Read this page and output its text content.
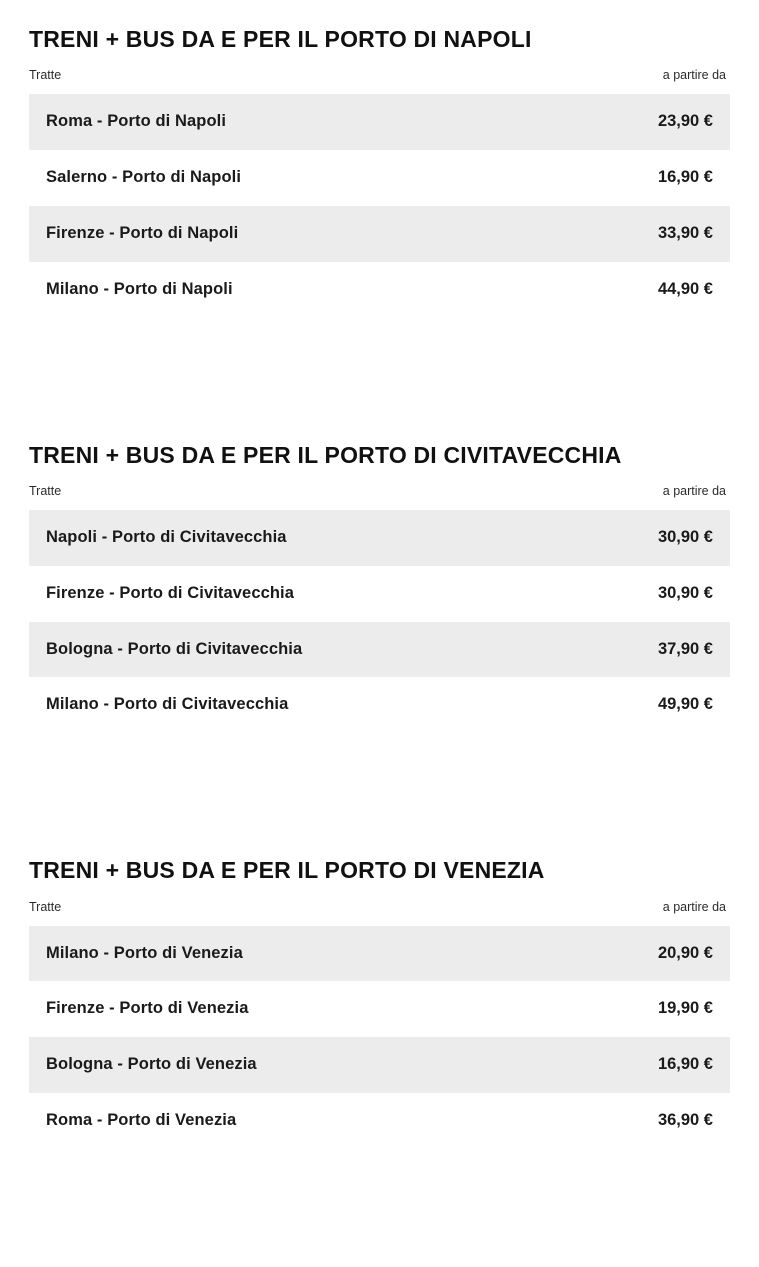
TRENI + BUS DA E PER IL PORTO DI NAPOLI
Tratte	a partire da
Roma - Porto di Napoli	23,90 €
Salerno - Porto di Napoli	16,90 €
Firenze - Porto di Napoli	33,90 €
Milano - Porto di Napoli	44,90 €
TRENI + BUS DA E PER IL PORTO DI CIVITAVECCHIA
Tratte	a partire da
Napoli - Porto di Civitavecchia	30,90 €
Firenze - Porto di Civitavecchia	30,90 €
Bologna - Porto di Civitavecchia	37,90 €
Milano - Porto di Civitavecchia	49,90 €
TRENI + BUS DA E PER IL PORTO DI VENEZIA
Tratte	a partire da
Milano - Porto di Venezia	20,90 €
Firenze - Porto di Venezia	19,90 €
Bologna - Porto di Venezia	16,90 €
Roma - Porto di Venezia	36,90 €
